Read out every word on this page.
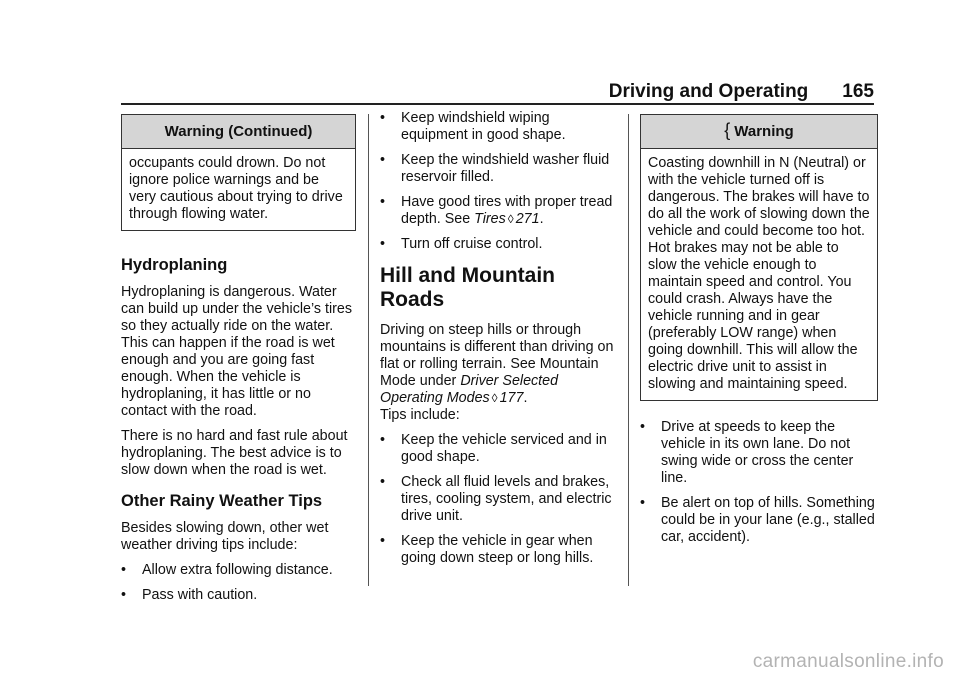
Driving and Operating 165
Warning (Continued)

occupants could drown. Do not ignore police warnings and be very cautious about trying to drive through flowing water.

Hydroplaning

Hydroplaning is dangerous. Water can build up under the vehicle’s tires so they actually ride on the water. This can happen if the road is wet enough and you are going fast enough. When the vehicle is hydroplaning, it has little or no contact with the road.

There is no hard and fast rule about hydroplaning. The best advice is to slow down when the road is wet.

Other Rainy Weather Tips

Besides slowing down, other wet weather driving tips include:

• Allow extra following distance.
• Pass with caution.
• Keep windshield wiping equipment in good shape.
• Keep the windshield washer fluid reservoir filled.
• Have good tires with proper tread depth. See Tires ◊ 271.
• Turn off cruise control.
Hill and Mountain Roads

Driving on steep hills or through mountains is different than driving on flat or rolling terrain. See Mountain Mode under Driver Selected Operating Modes ◊ 177.
Tips include:

• Keep the vehicle serviced and in good shape.
• Check all fluid levels and brakes, tires, cooling system, and electric drive unit.
• Keep the vehicle in gear when going down steep or long hills.
{ Warning

Coasting downhill in N (Neutral) or with the vehicle turned off is dangerous. The brakes will have to do all the work of slowing down the vehicle and could become too hot. Hot brakes may not be able to slow the vehicle enough to maintain speed and control. You could crash. Always have the vehicle running and in gear (preferably LOW range) when going downhill. This will allow the electric drive unit to assist in slowing and maintaining speed.

• Drive at speeds to keep the vehicle in its own lane. Do not swing wide or cross the center line.
• Be alert on top of hills. Something could be in your lane (e.g., stalled car, accident).
carmanualsonline.info
